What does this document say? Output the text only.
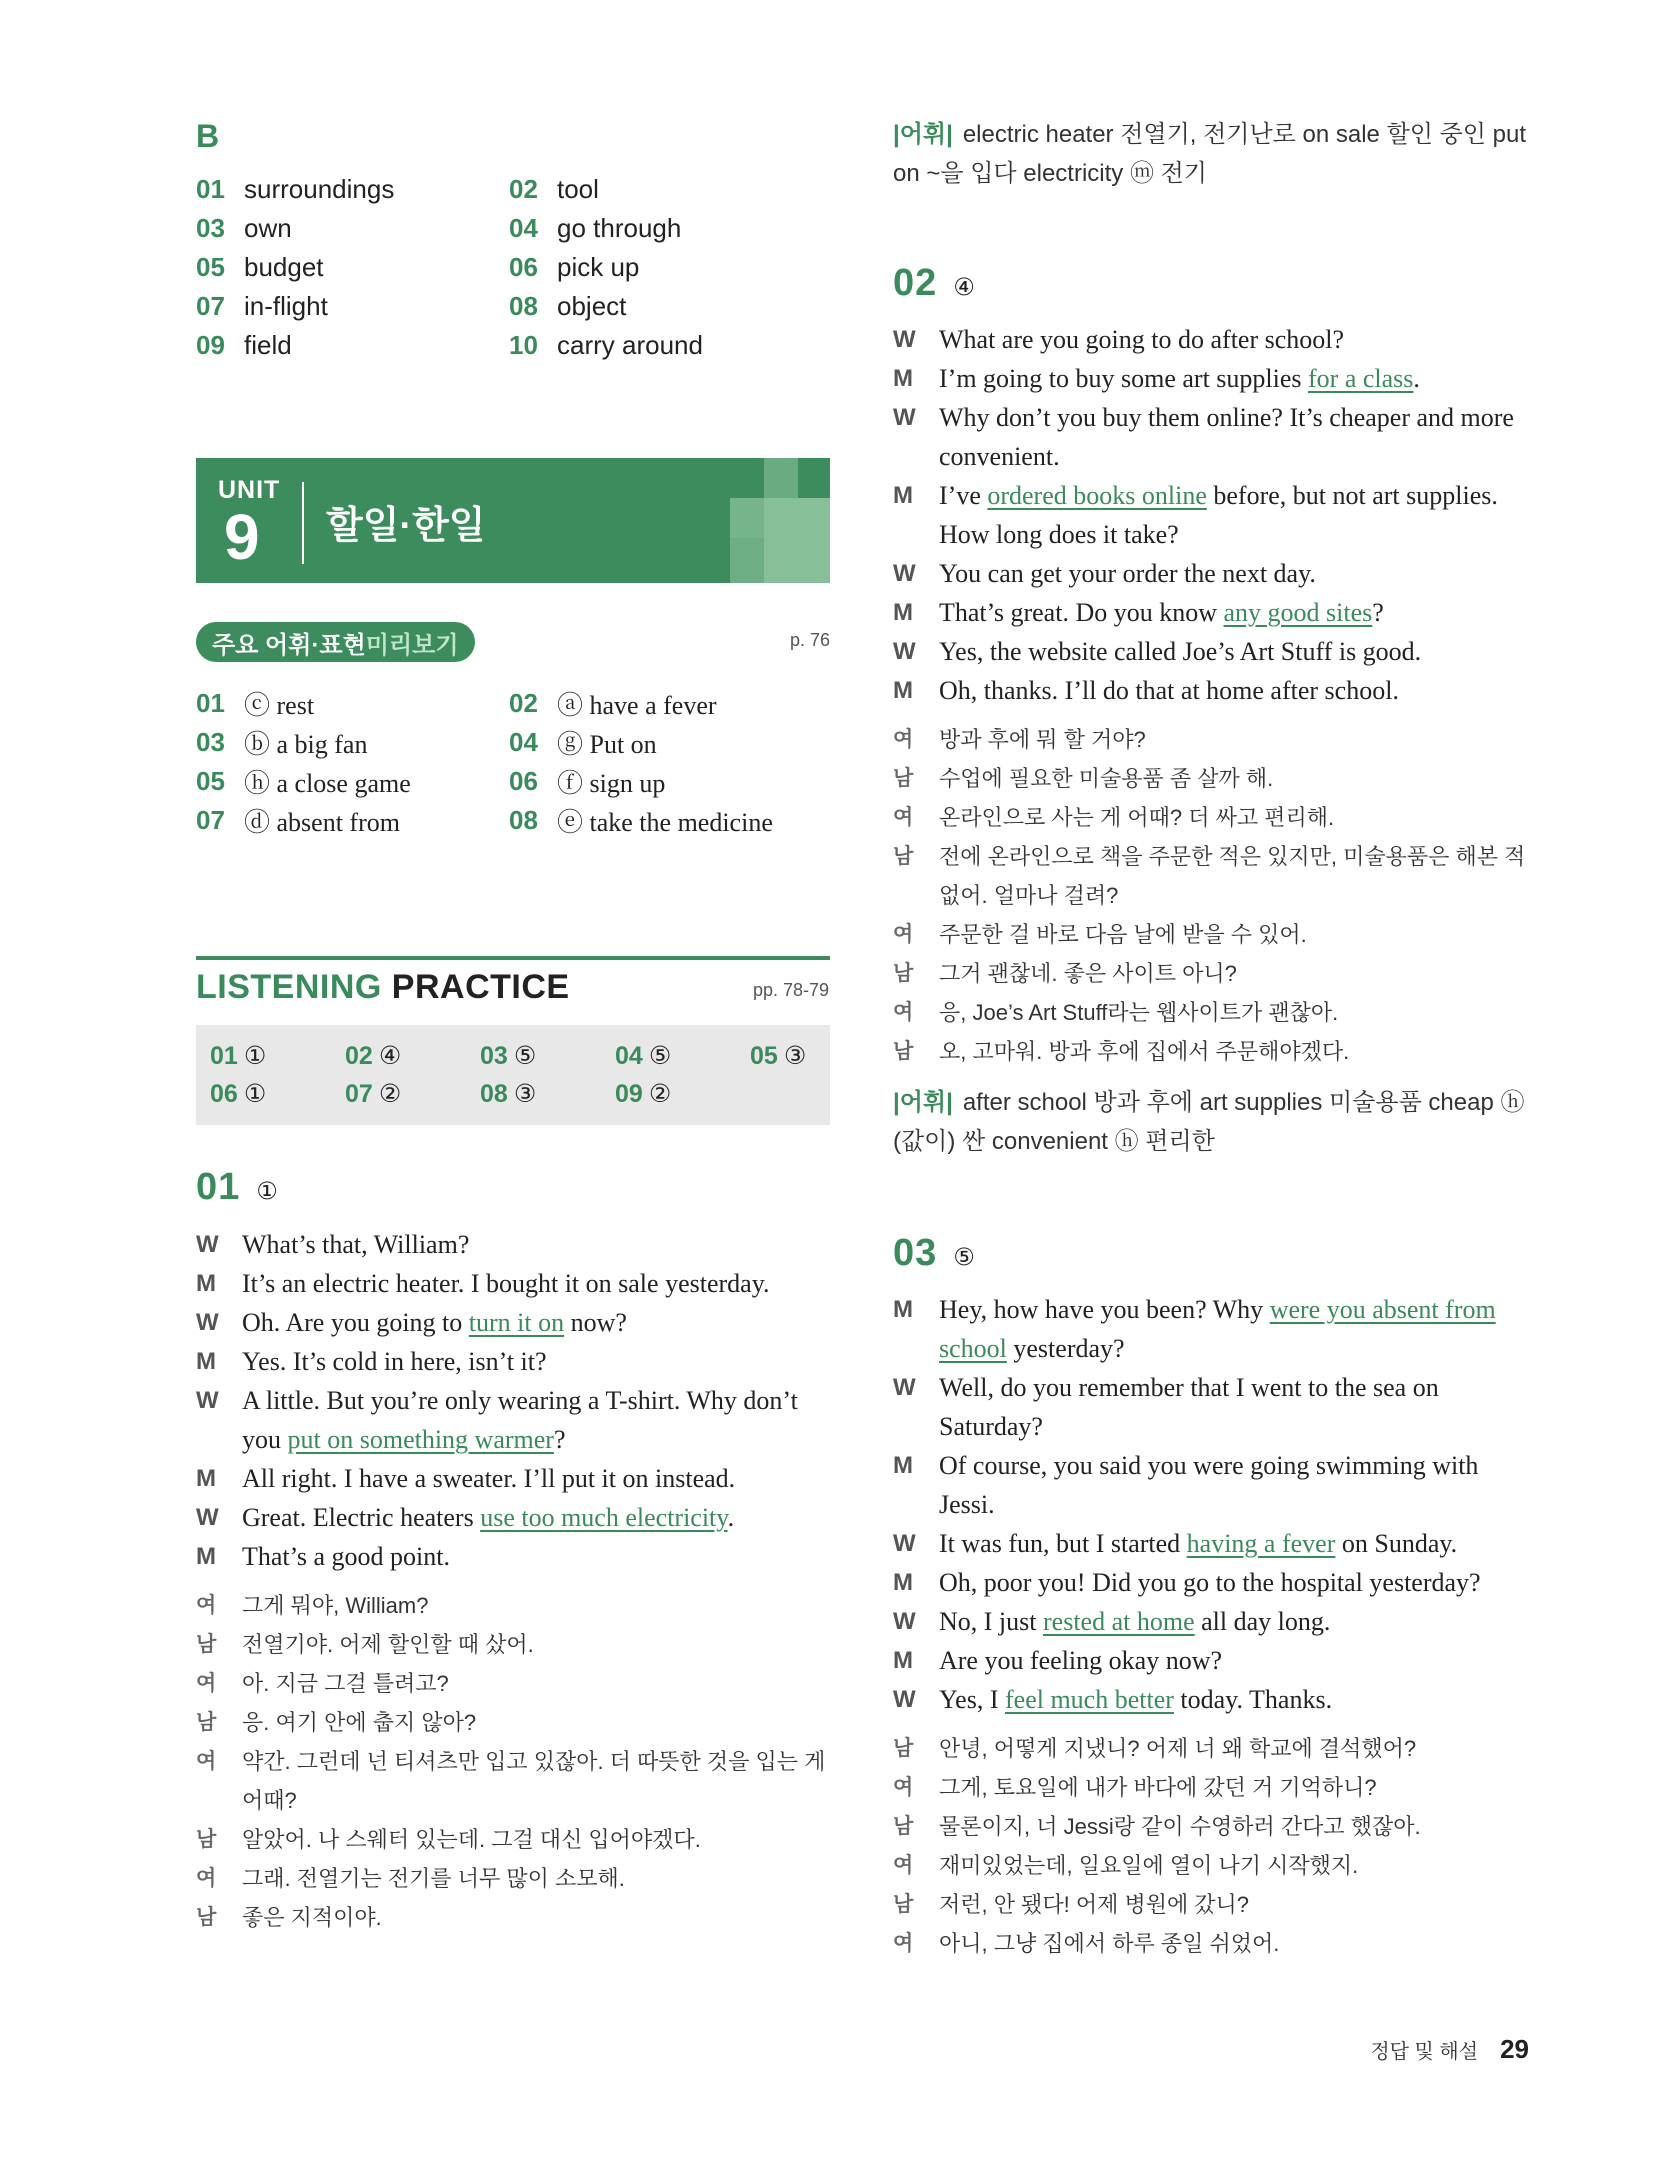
B
01 surroundings	02 tool
03 own	04 go through
05 budget	06 pick up
07 in-flight	08 object
09 field	10 carry around
UNIT
9 할일·한일
주요 어휘·표현 미리보기	p. 76
01 ⓒ rest	02 ⓐ have a fever
03 ⓑ a big fan	04 ⓖ Put on
05 ⓗ a close game	06 ⓕ sign up
07 ⓓ absent from	08 ⓔ take the medicine
LISTENING PRACTICE	pp. 78-79
01 ①	02 ④	03 ⑤	04 ⑤	05 ③
06 ①	07 ②	08 ③	09 ②
01 ①
W What’s that, William?
M	It’s an electric heater. I bought it on sale yesterday.
W Oh. Are you going to turn it on now?
M	Yes. It’s cold in here, isn’t it?
W A little. But you’re only wearing a T-shirt. Why don’t you put on something warmer?
M	All right. I have a sweater. I’ll put it on instead.
W Great. Electric heaters use too much electricity.
M	That’s a good point.
여	그게 뭐야, William?
남	전열기야. 어제 할인할 때 샀어.
여	아. 지금 그걸 틀려고?
남	응. 여기 안에 춥지 않아?
여	약간. 그런데 넌 티셔츠만 입고 있잖아. 더 따뜻한 것을 입는 게 어때?
남	알았어. 나 스웨터 있는데. 그걸 대신 입어야겠다.
여	그래. 전열기는 전기를 너무 많이 소모해.
남	좋은 지적이야.
|어휘| electric heater 전열기, 전기난로 on sale 할인 중인 put on ~을 입다 electricity ⓜ 전기
02 ④
W What are you going to do after school?
M	I’m going to buy some art supplies for a class.
W Why don’t you buy them online? It’s cheaper and more convenient.
M	I’ve ordered books online before, but not art supplies. How long does it take?
W You can get your order the next day.
M	That’s great. Do you know any good sites?
W Yes, the website called Joe’s Art Stuff is good.
M	Oh, thanks. I’ll do that at home after school.
여	방과 후에 뭐 할 거야?
남	수업에 필요한 미술용품 좀 살까 해.
여	온라인으로 사는 게 어때? 더 싸고 편리해.
남	전에 온라인으로 책을 주문한 적은 있지만, 미술용품은 해본 적 없어. 얼마나 걸려?
여	주문한 걸 바로 다음 날에 받을 수 있어.
남	그거 괜찮네. 좋은 사이트 아니?
여	응, Joe’s Art Stuff라는 웹사이트가 괜찮아.
남	오, 고마워. 방과 후에 집에서 주문해야겠다.
|어휘| after school 방과 후에 art supplies 미술용품 cheap ⓗ (값이) 싼 convenient ⓗ 편리한
03 ⑤
M	Hey, how have you been? Why were you absent from school yesterday?
W Well, do you remember that I went to the sea on Saturday?
M	Of course, you said you were going swimming with Jessi.
W It was fun, but I started having a fever on Sunday.
M	Oh, poor you! Did you go to the hospital yesterday?
W No, I just rested at home all day long.
M	Are you feeling okay now?
W Yes, I feel much better today. Thanks.
남	안녕, 어떻게 지냈니? 어제 너 왜 학교에 결석했어?
여	그게, 토요일에 내가 바다에 갔던 거 기억하니?
남	물론이지, 너 Jessi랑 같이 수영하러 간다고 했잖아.
여	재미있었는데, 일요일에 열이 나기 시작했지.
남	저런, 안 됐다! 어제 병원에 갔니?
여	아니, 그냥 집에서 하루 종일 쉬었어.
정답 및 해설 29
